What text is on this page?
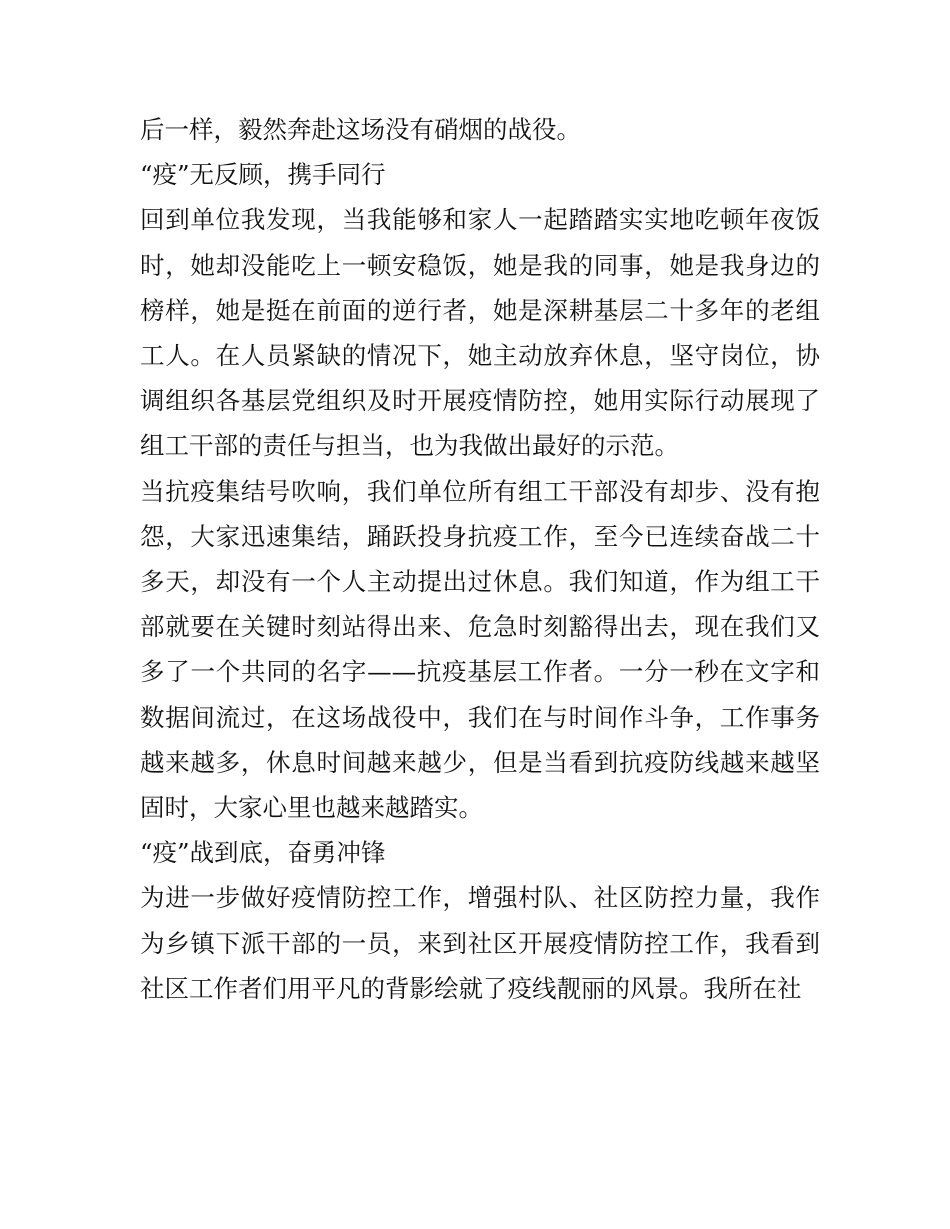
后一样，毅然奔赴这场没有硝烟的战役。

“疫”无反顾，携手同行

回到单位我发现，当我能够和家人一起踏踏实实地吃顿年夜饭时，她却没能吃上一顿安稳饭，她是我的同事，她是我身边的榜样，她是挺在前面的逆行者，她是深耕基层二十多年的老组工人。在人员紧缺的情况下，她主动放弃休息，坚守岗位，协调组织各基层党组织及时开展疫情防控，她用实际行动展现了组工干部的责任与担当，也为我做出最好的示范。

当抗疫集结号吹响，我们单位所有组工干部没有却步、没有抱怨，大家迅速集结，踊跃投身抗疫工作，至今已连续奋战二十多天，却没有一个人主动提出过休息。我们知道，作为组工干部就要在关键时刻站得出来、危急时刻豁得出去，现在我们又多了一个共同的名字——抗疫基层工作者。一分一秒在文字和数据间流过，在这场战役中，我们在与时间作斗争，工作事务越来越多，休息时间越来越少，但是当看到抗疫防线越来越坚固时，大家心里也越来越踏实。

“疫”战到底，奋勇冲锋

为进一步做好疫情防控工作，增强村队、社区防控力量，我作为乡镇下派干部的一员，来到社区开展疫情防控工作，我看到社区工作者们用平凡的背影绘就了疫线靓丽的风景。我所在社
